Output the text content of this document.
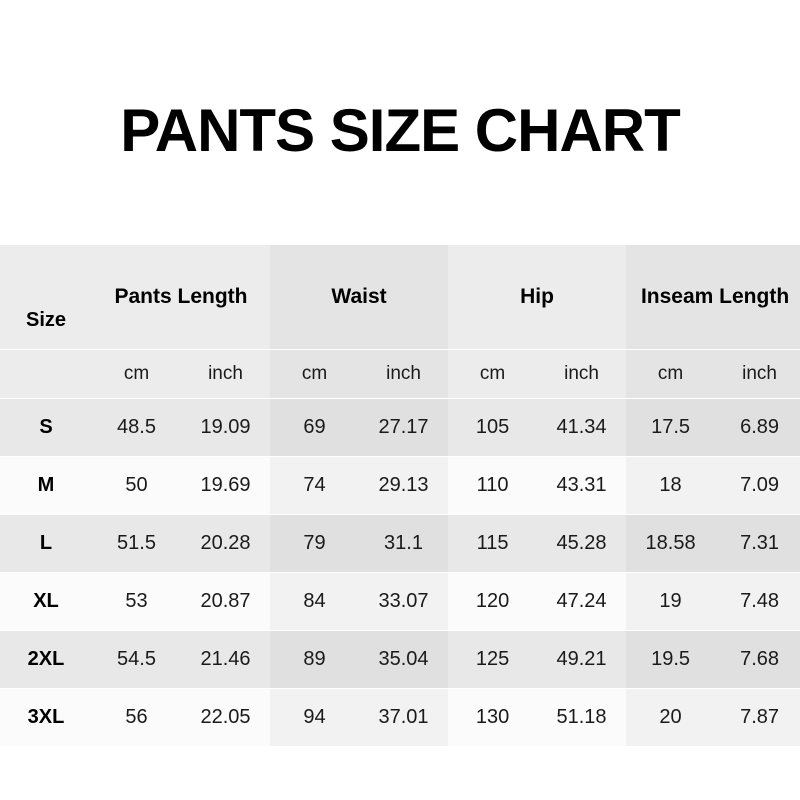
PANTS SIZE CHART
Size	Pants Length		Waist		Hip		Inseam Length	

	cm	inch	cm	inch	cm	inch	cm	inch

S	48.5	19.09	69	27.17	105	41.34	17.5	6.89

M	50	19.69	74	29.13	110	43.31	18	7.09

L	51.5	20.28	79	31.1	115	45.28	18.58	7.31

XL	53	20.87	84	33.07	120	47.24	19	7.48

2XL	54.5	21.46	89	35.04	125	49.21	19.5	7.68

3XL	56	22.05	94	37.01	130	51.18	20	7.87
